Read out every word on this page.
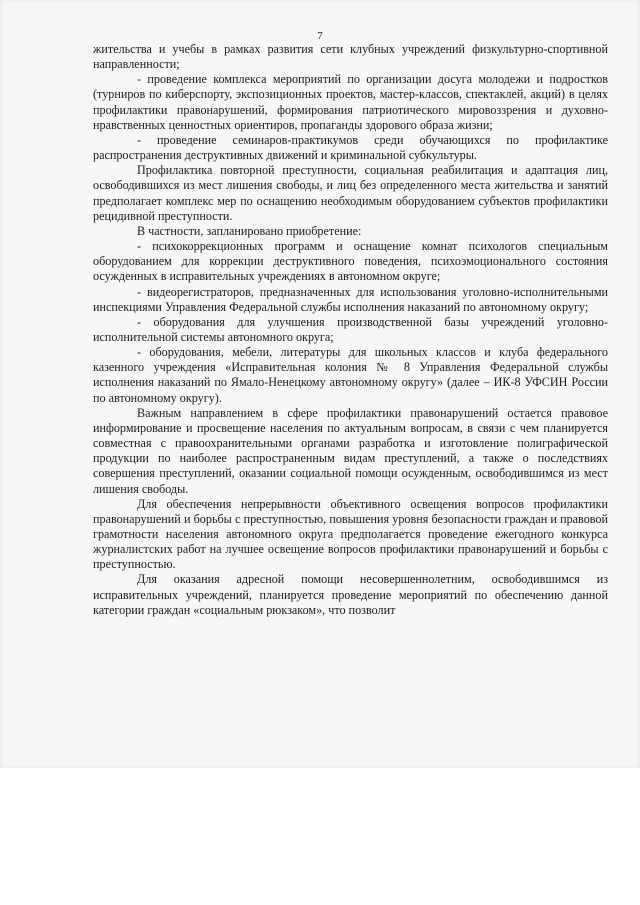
7

жительства и учебы в рамках развития сети клубных учреждений физкультурно-спортивной направленности;

- проведение комплекса мероприятий по организации досуга молодежи и подростков (турниров по киберспорту, экспозиционных проектов, мастер-классов, спектаклей, акций) в целях профилактики правонарушений, формирования патриотического мировоззрения и духовно-нравственных ценностных ориентиров, пропаганды здорового образа жизни;

- проведение семинаров-практикумов среди обучающихся по профилактике распространения деструктивных движений и криминальной субкультуры.

Профилактика повторной преступности, социальная реабилитация и адаптация лиц, освободившихся из мест лишения свободы, и лиц без определенного места жительства и занятий предполагает комплекс мер по оснащению необходимым оборудованием субъектов профилактики рецидивной преступности.

В частности, запланировано приобретение:

- психокоррекционных программ и оснащение комнат психологов специальным оборудованием для коррекции деструктивного поведения, психоэмоционального состояния осужденных в исправительных учреждениях в автономном округе;

- видеорегистраторов, предназначенных для использования уголовно-исполнительными инспекциями Управления Федеральной службы исполнения наказаний по автономному округу;

- оборудования для улучшения производственной базы учреждений уголовно-исполнительной системы автономного округа;

- оборудования, мебели, литературы для школьных классов и клуба федерального казенного учреждения «Исправительная колония № 8 Управления Федеральной службы исполнения наказаний по Ямало-Ненецкому автономному округу» (далее – ИК-8 УФСИН России по автономному округу).

Важным направлением в сфере профилактики правонарушений остается правовое информирование и просвещение населения по актуальным вопросам, в связи с чем планируется совместная с правоохранительными органами разработка и изготовление полиграфической продукции по наиболее распространенным видам преступлений, а также о последствиях совершения преступлений, оказании социальной помощи осужденным, освободившимся из мест лишения свободы.

Для обеспечения непрерывности объективного освещения вопросов профилактики правонарушений и борьбы с преступностью, повышения уровня безопасности граждан и правовой грамотности населения автономного округа предполагается проведение ежегодного конкурса журналистских работ на лучшее освещение вопросов профилактики правонарушений и борьбы с преступностью.

Для оказания адресной помощи несовершеннолетним, освободившимся из исправительных учреждений, планируется проведение мероприятий по обеспечению данной категории граждан «социальным рюкзаком», что позволит
